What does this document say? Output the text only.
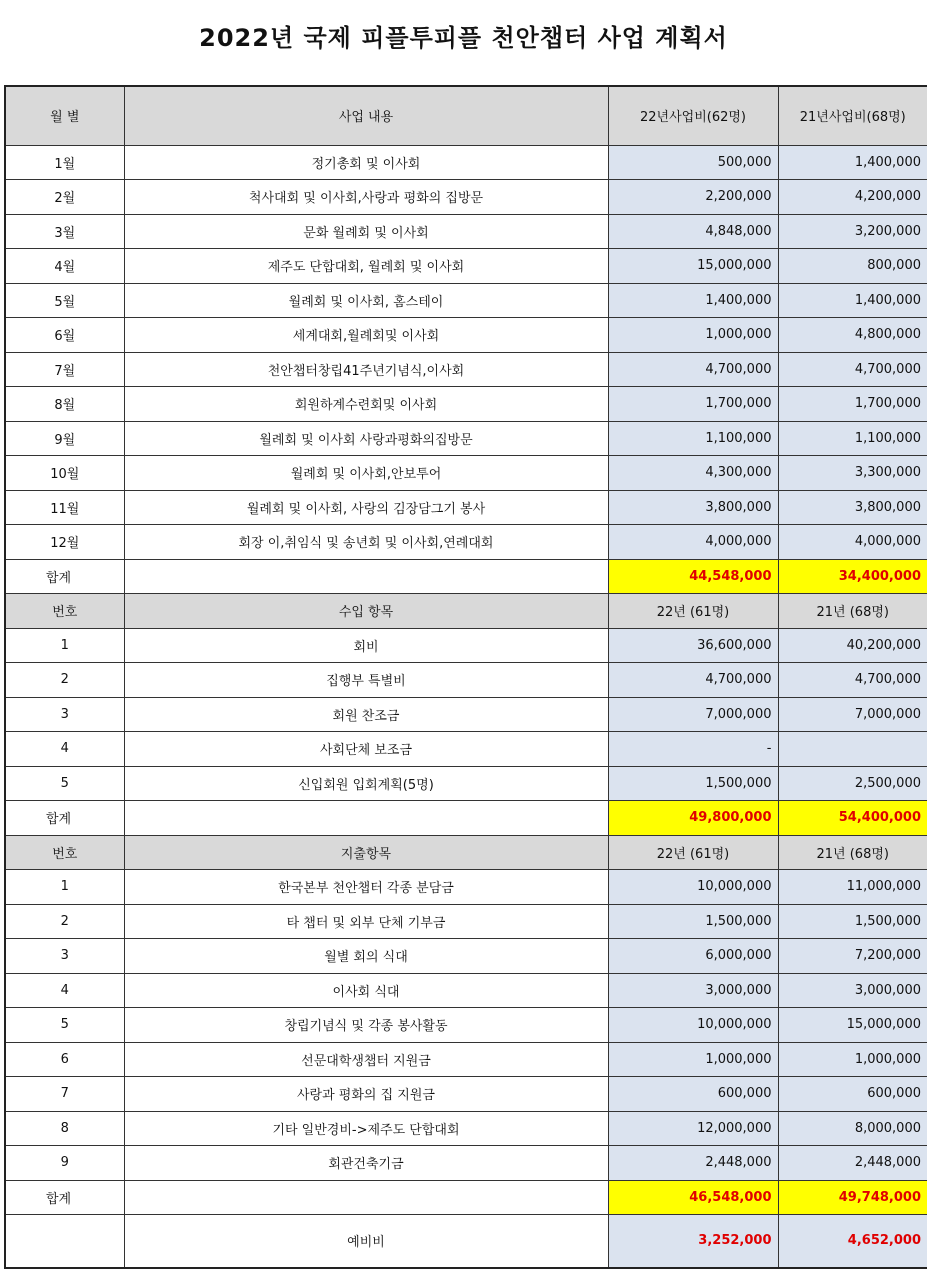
2022년 국제 피플투피플 천안챕터 사업 계획서
월 별	사업 내용	22년사업비(62명)	21년사업비(68명)
1월	정기총회 및 이사회	500,000	1,400,000
2월	척사대회 및 이사회,사랑과 평화의 집방문	2,200,000	4,200,000
3월	문화 월례회 및 이사회	4,848,000	3,200,000
4월	제주도 단합대회, 월례회 및 이사회	15,000,000	800,000
5월	월례회 및 이사회, 홈스테이	1,400,000	1,400,000
6월	세계대회,월례회및 이사회	1,000,000	4,800,000
7월	천안챕터창립41주년기념식,이사회	4,700,000	4,700,000
8월	회원하계수련회및 이사회	1,700,000	1,700,000
9월	월례회 및 이사회 사랑과평화의집방문	1,100,000	1,100,000
10월	월례회 및 이사회,안보투어	4,300,000	3,300,000
11월	월례회 및 이사회, 사랑의 김장담그기 봉사	3,800,000	3,800,000
12월	회장 이,취임식 및 송년회 및 이사회,연례대회	4,000,000	4,000,000
합계		44,548,000	34,400,000
번호	수입 항목	22년 (61명)	21년 (68명)
1	회비	36,600,000	40,200,000
2	집행부 특별비	4,700,000	4,700,000
3	회원 찬조금	7,000,000	7,000,000
4	사회단체 보조금	-	
5	신입회원 입회계획(5명)	1,500,000	2,500,000
합계		49,800,000	54,400,000
번호	지출항목	22년 (61명)	21년 (68명)
1	한국본부 천안챕터 각종 분담금	10,000,000	11,000,000
2	타 챕터 및 외부 단체 기부금	1,500,000	1,500,000
3	월별 회의 식대	6,000,000	7,200,000
4	이사회 식대	3,000,000	3,000,000
5	창립기념식 및 각종 봉사활동	10,000,000	15,000,000
6	선문대학생챕터 지원금	1,000,000	1,000,000
7	사랑과 평화의 집 지원금	600,000	600,000
8	기타 일반경비->제주도 단합대회	12,000,000	8,000,000
9	회관건축기금	2,448,000	2,448,000
합계		46,548,000	49,748,000
	예비비	3,252,000	4,652,000
